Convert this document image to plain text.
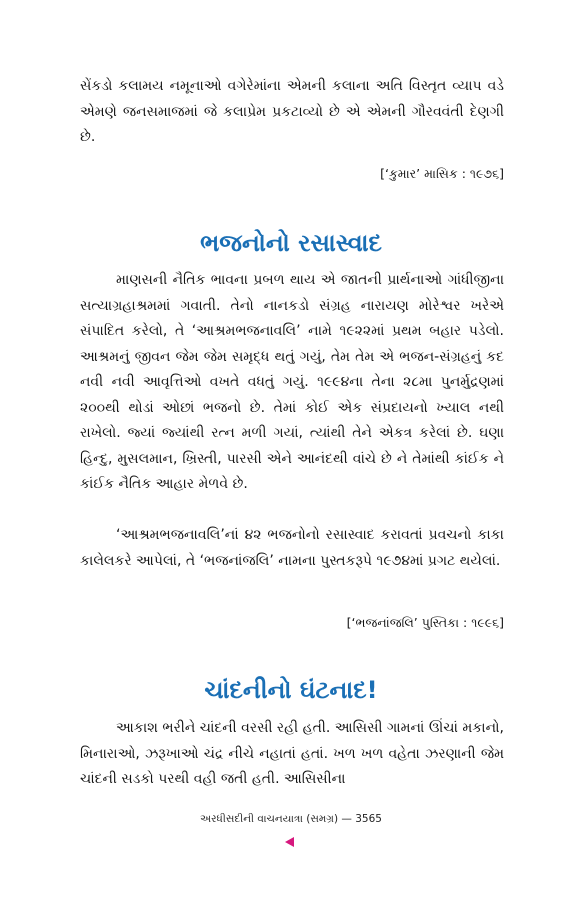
સેંકડો કલામય નમૂનાઓ વગેરેમાંના એમની કલાના અતિ વિસ્તૃત વ્યાપ વડે એમણે જનસમાજમાં જે કલાપ્રેમ પ્રકટાવ્યો છે એ એમની ગૌરવવંતી દેણગી છે.

[‘કુમાર’ માસિક : ૧૯૭૬]

ભજનોનો રસાસ્વાદ

માણસની નૈતિક ભાવના પ્રબળ થાય એ જાતની પ્રાર્થનાઓ ગાંધીજીના સત્યાગ્રહાશ્રમમાં ગવાતી. તેનો નાનકડો સંગ્રહ નારાયણ મોરેશ્વર ખરેએ સંપાદિત કરેલો, તે ‘આશ્રમભજનાવલિ’ નામે ૧૯૨૨માં પ્રથમ બહાર પડેલો. આશ્રમનું જીવન જેમ જેમ સમૃદ્ધ થતું ગયું, તેમ તેમ એ ભજન-સંગ્રહનું કદ નવી નવી આવૃત્તિઓ વખતે વધતું ગયું. ૧૯૯૪ના તેના ૨૮મા પુનર્મુદ્રણમાં ૨૦૦થી થોડાં ઓછાં ભજનો છે. તેમાં કોઈ એક સંપ્રદાયનો ખ્યાલ નથી રાખેલો. જ્યાં જ્યાંથી રત્ન મળી ગયાં, ત્યાંથી તેને એકત્ર કરેલાં છે. ઘણા હિન્દુ, મુસલમાન, ખ્રિસ્તી, પારસી એને આનંદથી વાંચે છે ને તેમાંથી કાંઈક ને કાંઈક નૈતિક આહાર મેળવે છે.

‘આશ્રમભજનાવલિ’નાં ૪૨ ભજનોનો રસાસ્વાદ કરાવતાં પ્રવચનો કાકા કાલેલકરે આપેલાં, તે ‘ભજનાંજલિ’ નામના પુસ્તકરૂપે ૧૯૭૪માં પ્રગટ થયેલાં.

[‘ભજનાંજલિ’ પુસ્તિકા : ૧૯૯૬]

ચાંદનીનો ઘંટનાદ!

આકાશ ભરીને ચાંદની વરસી રહી હતી. આસિસી ગામનાં ઊંચાં મકાનો, મિનારાઓ, ઝરૂખાઓ ચંદ્ર નીચે નહાતાં હતાં. ખળ ખળ વહેતા ઝરણાની જેમ ચાંદની સડકો પરથી વહી જતી હતી. આસિસીના

અરધીસદીની વાચનયાત્રા (સમગ્ર) — 3565
